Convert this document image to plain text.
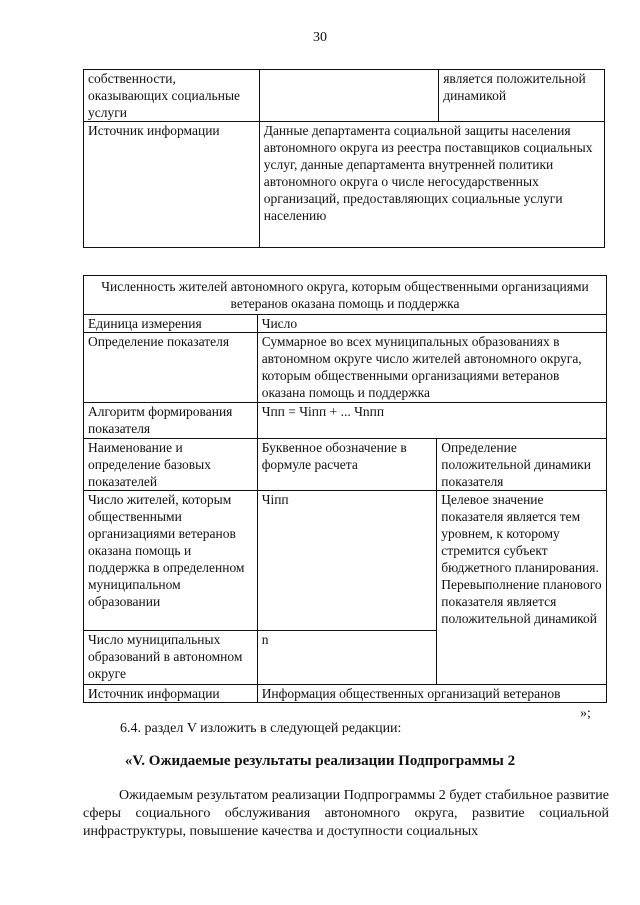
30
собственности, оказывающих социальные услуги		является положительной динамикой
Источник информации	Данные департамента социальной защиты населения автономного округа из реестра поставщиков социальных услуг, данные департамента внутренней политики автономного округа о числе негосударственных организаций, предоставляющих социальные услуги населению	
Численность жителей автономного округа, которым общественными организациями ветеранов оказана помощь и поддержка		
Единица измерения	Число	
Определение показателя	Суммарное во всех муниципальных образованиях в автономном округе число жителей автономного округа, которым общественными организациями ветеранов оказана помощь и поддержка	
Алгоритм формирования показателя	Чпп = Чiпп + ... Чnпп	
Наименование и определение базовых показателей	Буквенное обозначение в формуле расчета	Определение положительной динамики показателя
Число жителей, которым общественными организациями ветеранов оказана помощь и поддержка в определенном муниципальном образовании	Чiпп	Целевое значение показателя является тем уровнем, к которому стремится субъект бюджетного планирования. Перевыполнение планового показателя является положительной динамикой
Число муниципальных образований в автономном округе	n	
Источник информации	Информация общественных организаций ветеранов	
»;
6.4. раздел V изложить в следующей редакции:
«V. Ожидаемые результаты реализации Подпрограммы 2
Ожидаемым результатом реализации Подпрограммы 2 будет стабильное развитие сферы социального обслуживания автономного округа, развитие социальной инфраструктуры, повышение качества и доступности социальных
